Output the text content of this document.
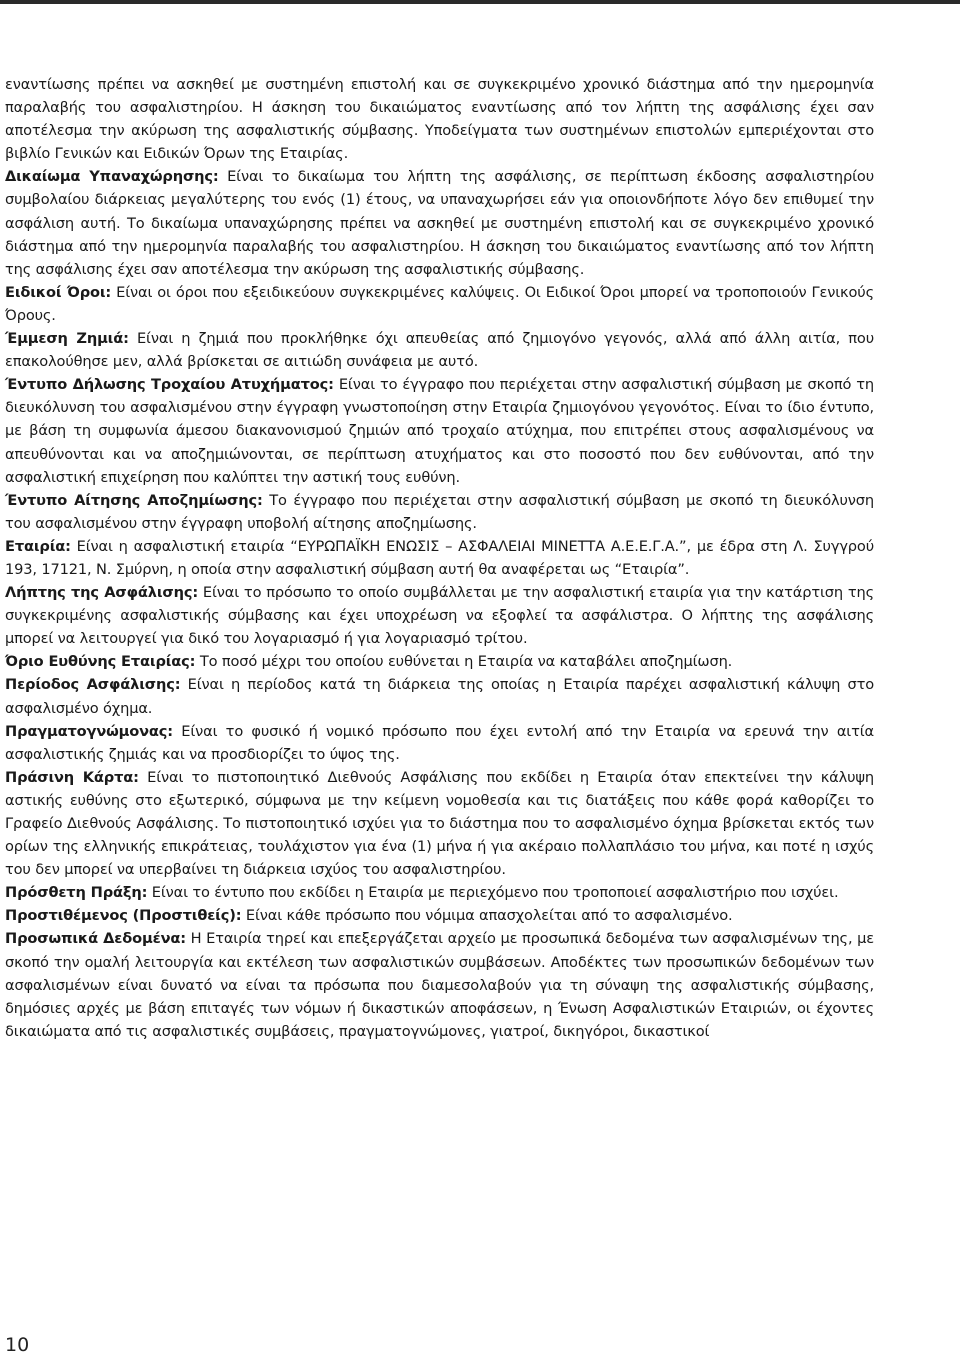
εναντίωσης πρέπει να ασκηθεί με συστημένη επιστολή και σε συγκεκριμένο χρονικό διάστημα από την ημερομηνία παραλαβής του ασφαλιστηρίου. Η άσκηση του δικαιώματος εναντίωσης από τον λήπτη της ασφάλισης έχει σαν αποτέλεσμα την ακύρωση της ασφαλιστικής σύμβασης. Υποδείγματα των συστημένων επιστολών εμπεριέχονται στο βιβλίο Γενικών και Ειδικών Όρων της Εταιρίας.

Δικαίωμα Υπαναχώρησης: Είναι το δικαίωμα του λήπτη της ασφάλισης, σε περίπτωση έκδοσης ασφαλιστηρίου συμβολαίου διάρκειας μεγαλύτερης του ενός (1) έτους, να υπαναχωρήσει εάν για οποιονδήποτε λόγο δεν επιθυμεί την ασφάλιση αυτή. Το δικαίωμα υπαναχώρησης πρέπει να ασκηθεί με συστημένη επιστολή και σε συγκεκριμένο χρονικό διάστημα από την ημερομηνία παραλαβής του ασφαλιστηρίου. Η άσκηση του δικαιώματος εναντίωσης από τον λήπτη της ασφάλισης έχει σαν αποτέλεσμα την ακύρωση της ασφαλιστικής σύμβασης.

Ειδικοί Όροι: Είναι οι όροι που εξειδικεύουν συγκεκριμένες καλύψεις. Οι Ειδικοί Όροι μπορεί να τροποποιούν Γενικούς Όρους.

Έμμεση Ζημιά: Είναι η ζημιά που προκλήθηκε όχι απευθείας από ζημιογόνο γεγονός, αλλά από άλλη αιτία, που επακολούθησε μεν, αλλά βρίσκεται σε αιτιώδη συνάφεια με αυτό.

Έντυπο Δήλωσης Τροχαίου Ατυχήματος: Είναι το έγγραφο που περιέχεται στην ασφαλιστική σύμβαση με σκοπό τη διευκόλυνση του ασφαλισμένου στην έγγραφη γνωστοποίηση στην Εταιρία ζημιογόνου γεγονότος. Είναι το ίδιο έντυπο, με βάση τη συμφωνία άμεσου διακανονισμού ζημιών από τροχαίο ατύχημα, που επιτρέπει στους ασφαλισμένους να απευθύνονται και να αποζημιώνονται, σε περίπτωση ατυχήματος και στο ποσοστό που δεν ευθύνονται, από την ασφαλιστική επιχείρηση που καλύπτει την αστική τους ευθύνη.

Έντυπο Αίτησης Αποζημίωσης: Το έγγραφο που περιέχεται στην ασφαλιστική σύμβαση με σκοπό τη διευκόλυνση του ασφαλισμένου στην έγγραφη υποβολή αίτησης αποζημίωσης.

Εταιρία: Είναι η ασφαλιστική εταιρία “ΕΥΡΩΠΑΪΚΗ ΕΝΩΣΙΣ – ΑΣΦΑΛΕΙΑΙ ΜΙΝΕΤΤΑ Α.Ε.Ε.Γ.Α.”, με έδρα στη Λ. Συγγρού 193, 17121, Ν. Σμύρνη, η οποία στην ασφαλιστική σύμβαση αυτή θα αναφέρεται ως “Εταιρία”.

Λήπτης της Ασφάλισης: Είναι το πρόσωπο το οποίο συμβάλλεται με την ασφαλιστική εταιρία για την κατάρτιση της συγκεκριμένης ασφαλιστικής σύμβασης και έχει υποχρέωση να εξοφλεί τα ασφάλιστρα. Ο λήπτης της ασφάλισης μπορεί να λειτουργεί για δικό του λογαριασμό ή για λογαριασμό τρίτου.

Όριο Ευθύνης Εταιρίας: Το ποσό μέχρι του οποίου ευθύνεται η Εταιρία να καταβάλει αποζημίωση.

Περίοδος Ασφάλισης: Είναι η περίοδος κατά τη διάρκεια της οποίας η Εταιρία παρέχει ασφαλιστική κάλυψη στο ασφαλισμένο όχημα.

Πραγματογνώμονας: Είναι το φυσικό ή νομικό πρόσωπο που έχει εντολή από την Εταιρία να ερευνά την αιτία ασφαλιστικής ζημιάς και να προσδιορίζει το ύψος της.

Πράσινη Κάρτα: Είναι το πιστοποιητικό Διεθνούς Ασφάλισης που εκδίδει η Εταιρία όταν επεκτείνει την κάλυψη αστικής ευθύνης στο εξωτερικό, σύμφωνα με την κείμενη νομοθεσία και τις διατάξεις που κάθε φορά καθορίζει το Γραφείο Διεθνούς Ασφάλισης. Το πιστοποιητικό ισχύει για το διάστημα που το ασφαλισμένο όχημα βρίσκεται εκτός των ορίων της ελληνικής επικράτειας, τουλάχιστον για ένα (1) μήνα ή για ακέραιο πολλαπλάσιο του μήνα, και ποτέ η ισχύς του δεν μπορεί να υπερβαίνει τη διάρκεια ισχύος του ασφαλιστηρίου.

Πρόσθετη Πράξη: Είναι το έντυπο που εκδίδει η Εταιρία με περιεχόμενο που τροποποιεί ασφαλιστήριο που ισχύει.

Προστιθέμενος (Προστιθείς): Είναι κάθε πρόσωπο που νόμιμα απασχολείται από το ασφαλισμένο.

Προσωπικά Δεδομένα: Η Εταιρία τηρεί και επεξεργάζεται αρχείο με προσωπικά δεδομένα των ασφαλισμένων της, με σκοπό την ομαλή λειτουργία και εκτέλεση των ασφαλιστικών συμβάσεων. Αποδέκτες των προσωπικών δεδομένων των ασφαλισμένων είναι δυνατό να είναι τα πρόσωπα που διαμεσολαβούν για τη σύναψη της ασφαλιστικής σύμβασης, δημόσιες αρχές με βάση επιταγές των νόμων ή δικαστικών αποφάσεων, η Ένωση Ασφαλιστικών Εταιριών, οι έχοντες δικαιώματα από τις ασφαλιστικές συμβάσεις, πραγματογνώμονες, γιατροί, δικηγόροι, δικαστικοί

10
